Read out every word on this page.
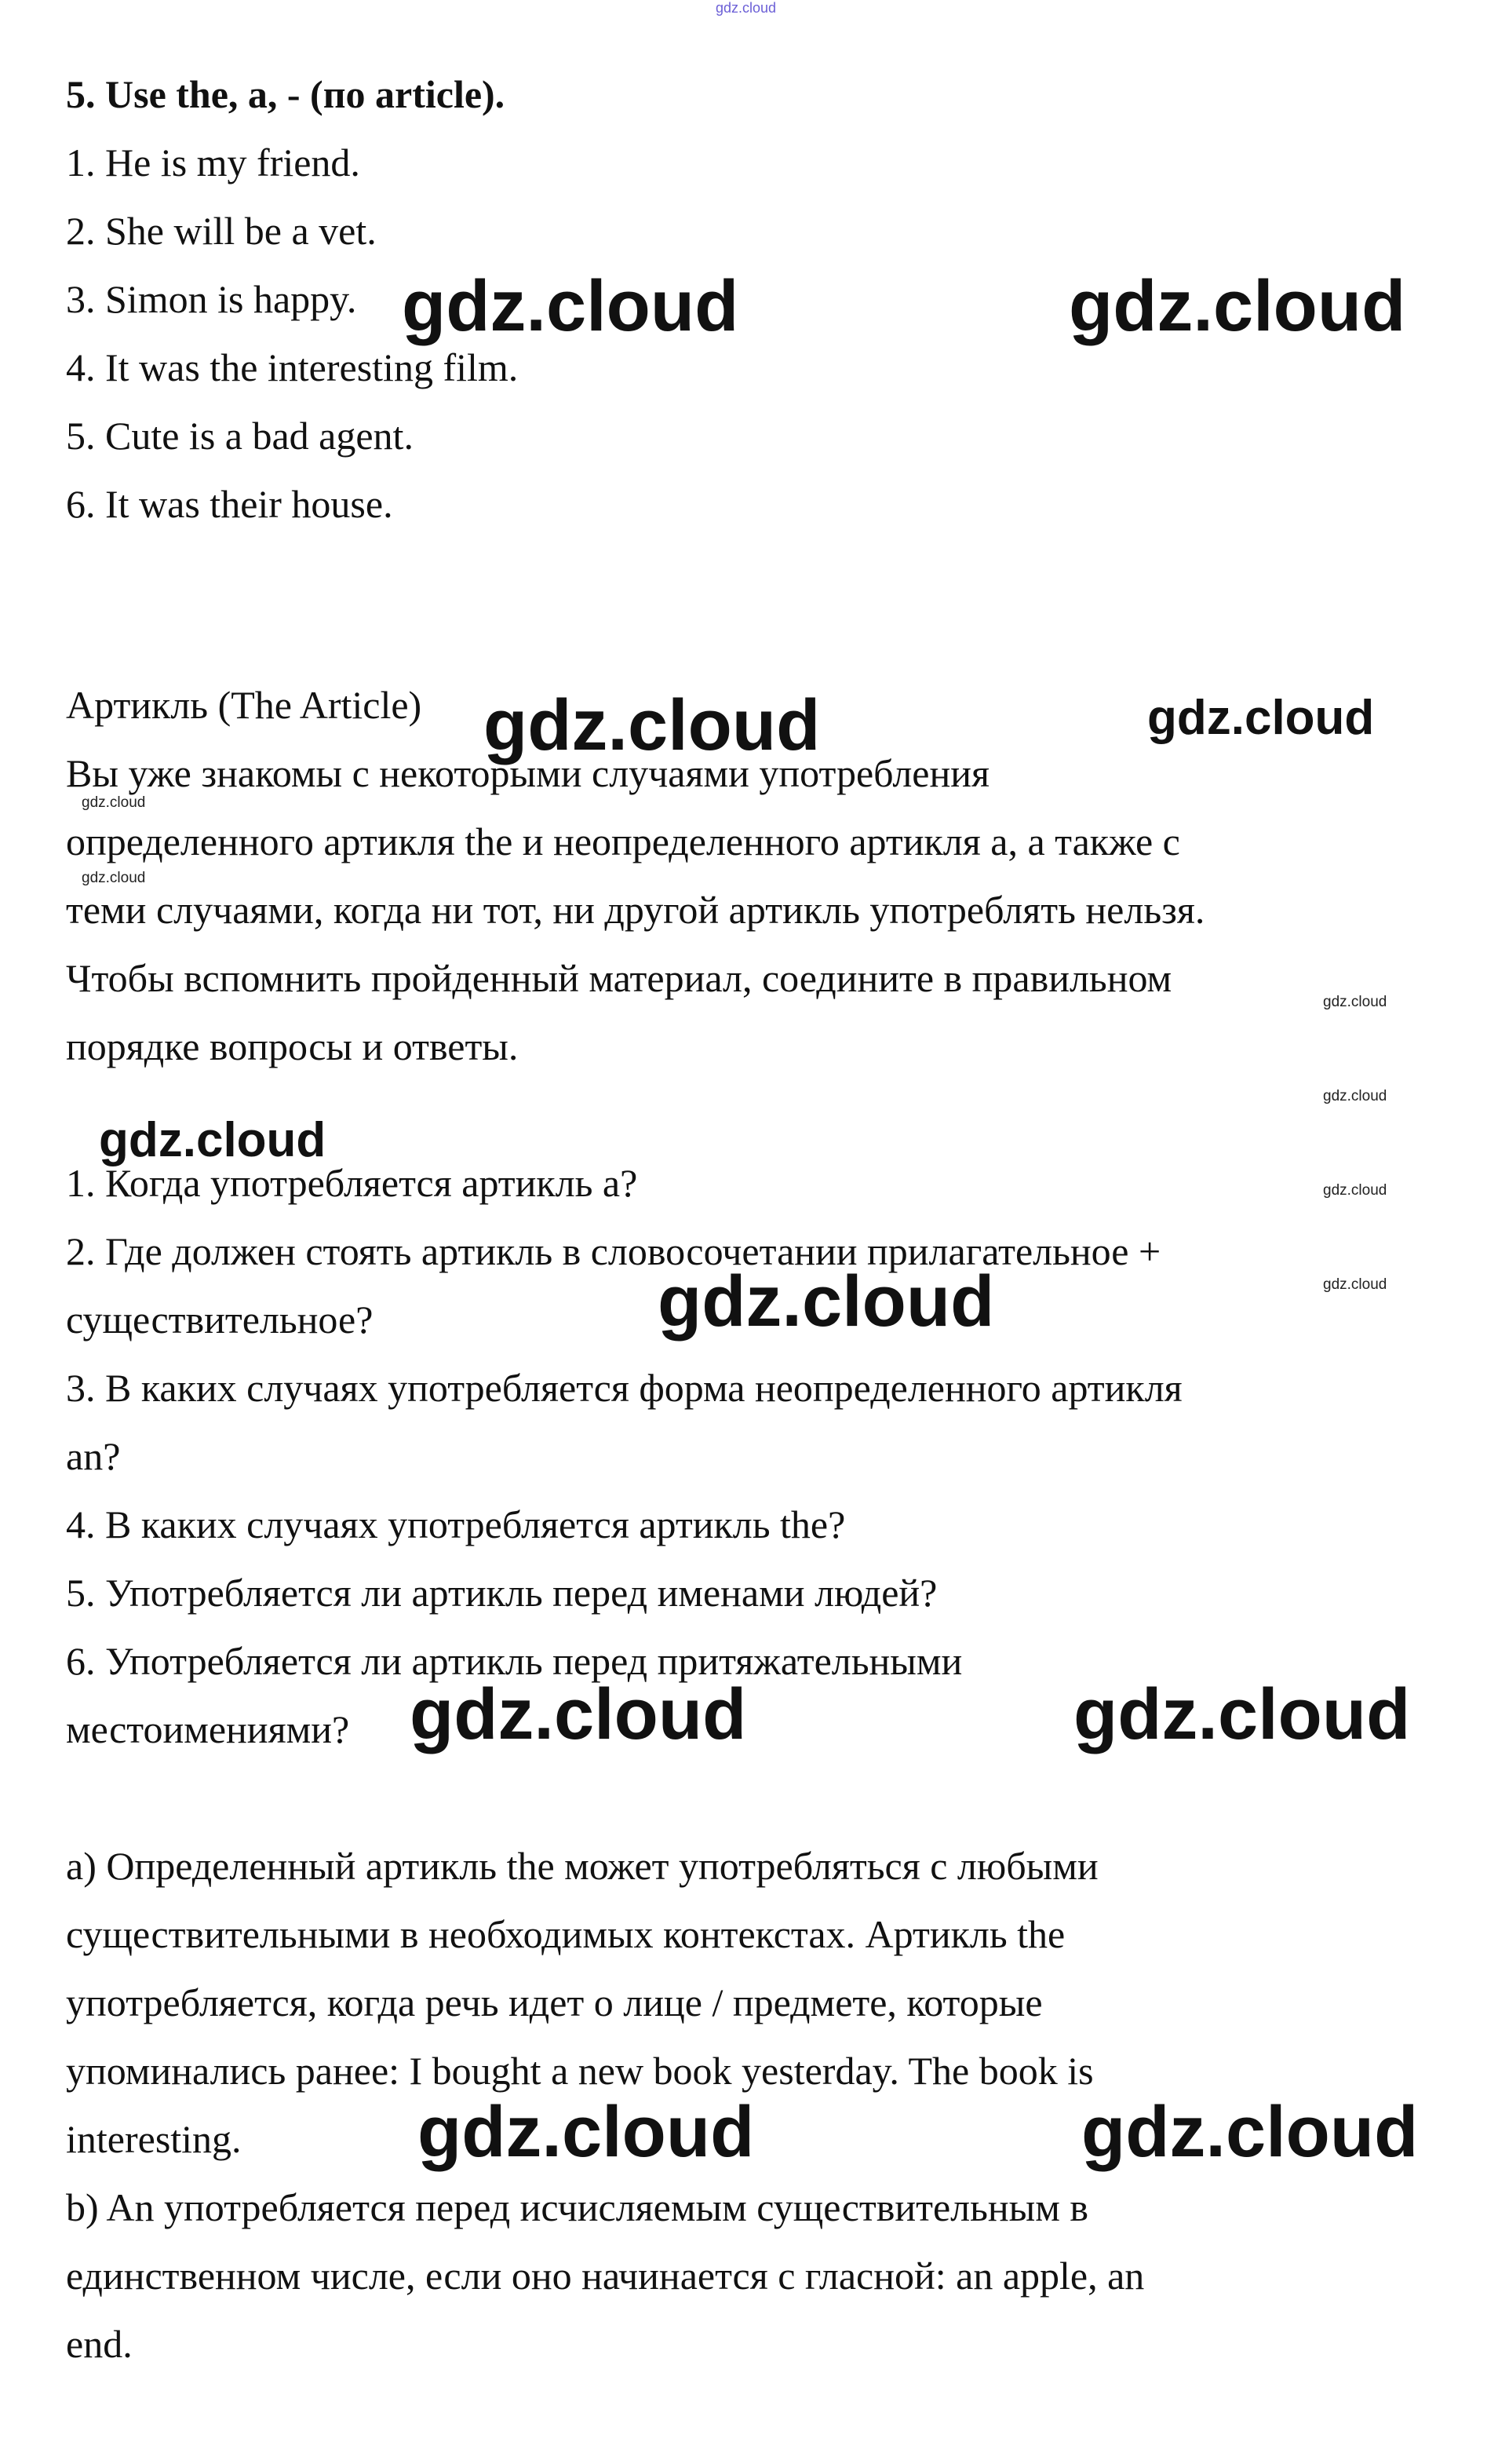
gdz.cloud
5. Use the, a, - (по article).
1. He is my friend.
2. She will be a vet.
3. Simon is happy.
4. It was the interesting film.
5. Cute is a bad agent.
6. It was their house.
Артикль (The Article)
Вы уже знакомы с некоторыми случаями употребления
определенного артикля the и неопределенного артикля a, а также с
теми случаями, когда ни тот, ни другой артикль употреблять нельзя.
Чтобы вспомнить пройденный материал, соедините в правильном
порядке вопросы и ответы.
1. Когда употребляется артикль a?
2. Где должен стоять артикль в словосочетании прилагательное +
существительное?
3. В каких случаях употребляется форма неопределенного артикля
an?
4. В каких случаях употребляется артикль the?
5. Употребляется ли артикль перед именами людей?
6. Употребляется ли артикль перед притяжательными
местоимениями?
а) Определенный артикль the может употребляться с любыми
существительными в необходимых контекстах. Артикль the
употребляется, когда речь идет о лице / предмете, которые
упоминались ранее: I bought a new book yesterday. The book is
interesting.
b) An употребляется перед исчисляемым существительным в
единственном числе, если оно начинается с гласной: an apple, an
end.
gdz.cloud	gdz.cloud
gdz.cloud	gdz.cloud
gdz.cloud
gdz.cloud
gdz.cloud	gdz.cloud
gdz.cloud	gdz.cloud
gdz.cloud
gdz.cloud
gdz.cloud
gdz.cloud
gdz.cloud
gdz.cloud
